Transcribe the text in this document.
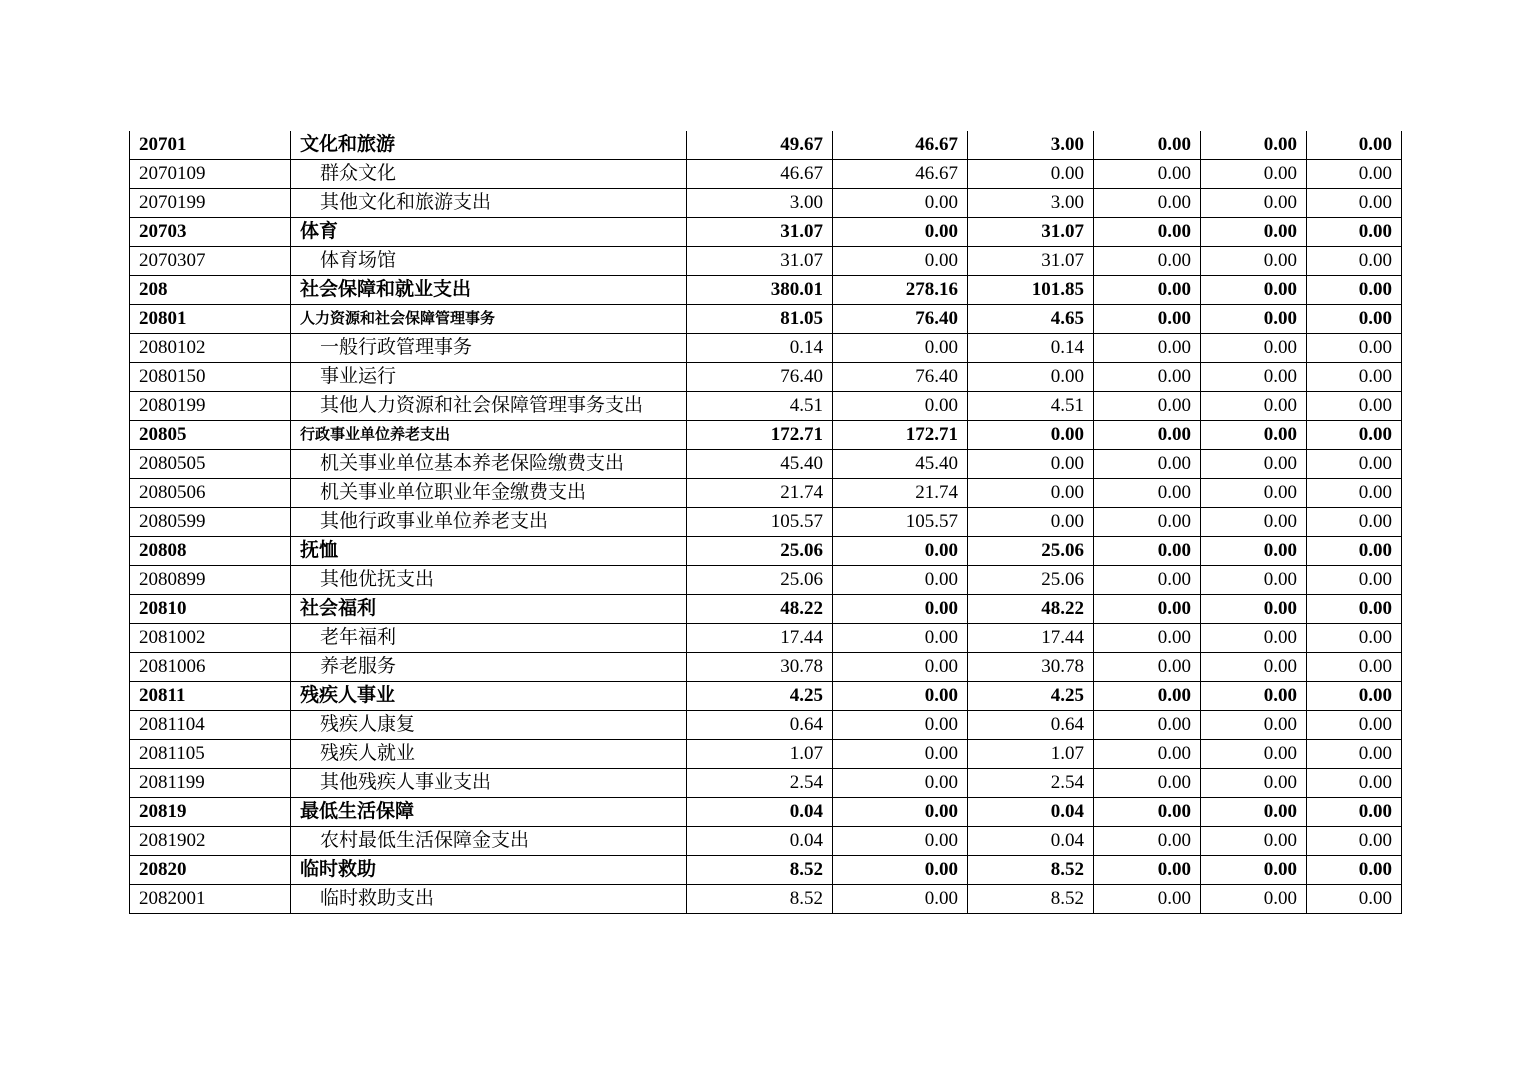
20701	文化和旅游	49.67	46.67	3.00	0.00	0.00	0.00
2070109	群众文化	46.67	46.67	0.00	0.00	0.00	0.00
2070199	其他文化和旅游支出	3.00	0.00	3.00	0.00	0.00	0.00
20703	体育	31.07	0.00	31.07	0.00	0.00	0.00
2070307	体育场馆	31.07	0.00	31.07	0.00	0.00	0.00
208	社会保障和就业支出	380.01	278.16	101.85	0.00	0.00	0.00
20801	人力资源和社会保障管理事务	81.05	76.40	4.65	0.00	0.00	0.00
2080102	一般行政管理事务	0.14	0.00	0.14	0.00	0.00	0.00
2080150	事业运行	76.40	76.40	0.00	0.00	0.00	0.00
2080199	其他人力资源和社会保障管理事务支出	4.51	0.00	4.51	0.00	0.00	0.00
20805	行政事业单位养老支出	172.71	172.71	0.00	0.00	0.00	0.00
2080505	机关事业单位基本养老保险缴费支出	45.40	45.40	0.00	0.00	0.00	0.00
2080506	机关事业单位职业年金缴费支出	21.74	21.74	0.00	0.00	0.00	0.00
2080599	其他行政事业单位养老支出	105.57	105.57	0.00	0.00	0.00	0.00
20808	抚恤	25.06	0.00	25.06	0.00	0.00	0.00
2080899	其他优抚支出	25.06	0.00	25.06	0.00	0.00	0.00
20810	社会福利	48.22	0.00	48.22	0.00	0.00	0.00
2081002	老年福利	17.44	0.00	17.44	0.00	0.00	0.00
2081006	养老服务	30.78	0.00	30.78	0.00	0.00	0.00
20811	残疾人事业	4.25	0.00	4.25	0.00	0.00	0.00
2081104	残疾人康复	0.64	0.00	0.64	0.00	0.00	0.00
2081105	残疾人就业	1.07	0.00	1.07	0.00	0.00	0.00
2081199	其他残疾人事业支出	2.54	0.00	2.54	0.00	0.00	0.00
20819	最低生活保障	0.04	0.00	0.04	0.00	0.00	0.00
2081902	农村最低生活保障金支出	0.04	0.00	0.04	0.00	0.00	0.00
20820	临时救助	8.52	0.00	8.52	0.00	0.00	0.00
2082001	临时救助支出	8.52	0.00	8.52	0.00	0.00	0.00
